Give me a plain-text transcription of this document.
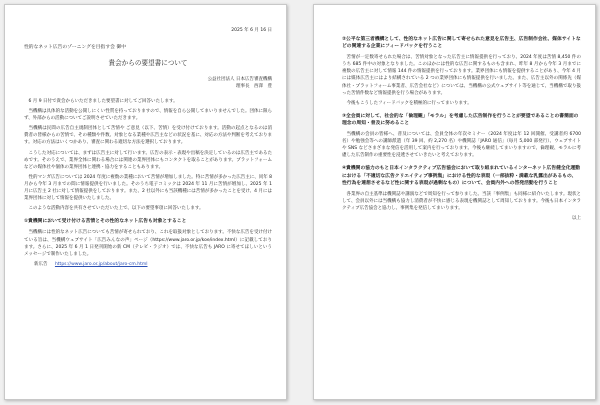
2025 年 6 月 16 日
性的なネット広告のゾーニングを目指す会 御中
貴会からの要望書について
公益社団法人 日本広告審査機構
理事長　西澤　豊

6 月 9 日付で貴会からいただきました要望書に対してご回答いたします。

当機構は具体的な活動を公開しにくい性質を持っておりますので、情報を自ら公開してまいりませんでした。団体に限らず、外部からの活動についてご説明させていただきます。

当機構は民間の広告自主規制団体として苦情や ご意見（以下、苦情）を受け付けております。活動の起点となるのは消費者の皆様からの苦情で、その種類や件数、対象となる業種や広告主などの状況を基に、対応の方法や判断を考えております。対応の方法はいくつかあり、審査に関わる適切な方法を選択しております。

こうした対応については、まずは広告主に対して行います。広告の表示・表現や出稿を決定しているのは広告主であるためです。そのうえで、業界全体に関わる場合には関連の業界団体にもコンタクトを取ることがあります。プラットフォームなどの媒体社や個体の業界団体と連携・協力をすることもあります。

性的マンガ広告については 2024 年度に複数の業種において苦情が増加しました。特に苦情が多かった広告主に、同年 8 月から今年 3 月までの間に情報提供を行いました。そのうち電子コミックは 2024 年 11 月に苦情が増加し、2025 年 1 月に広告主 2 社に対して情報提供をしております。また、2 社以外にも当該機種には苦情が多かったことを受け、4 月には業界団体に対して情報を提供いたしました。

このような活動内容を共有させていただいた上で、以下の要望事項に回答いたします。

①貴機関において受け付ける苦情とその性的なネット広告も対象とすること

当機構には性的なネット広告についても苦情が寄せられており、これを取扱対象としております。不快な広告を受け付けている旨は、当機構ウェブサイト「広告みんなの声」ページ（https://www.jaro.or.jp/koe/index.html）に記載しております。さらに、2025 年 6 月 1 日発刊開始の新 CM（テレビ・ラジオ）では、不快な広告も JARO に寄せてほしいというメッセージで制作いたしました。

新広告 https://www.jaro.or.jp/about/jaro-cm.html
②公平な第三者機構として、性的なネット広告に関して寄せられた意見を広告主、広告制作会社、媒体サイトなどの関連する企業にフィードバックを行うこと

苦情が一定数寄せられた場合は、苦情対象となった広告主に情報提供を行っており、2024 年度は苦情 8,450 件のうち 685 件中の対象となりました。このほかには性的な広告に関するものも含まれ、昨年 8 月から今年 3 月までに複数の広告主に対して情報 144 件の情報提供を行っております。業界団体にも情報を提供することがあり、今年 4 月には媒体広告主にはより結構されている 2 つの業界団体にも情報提供を行いました。また、広告主以外の関係先（媒体社・プラットフォーム事業者、広告会社など）については、当機構の公式ウェブサイト等を通じて、当機構で取り扱った苦情件数など情報提供を行う場合があります。

今後もこうしたフィードバックを積極的に行ってまいります。

③全会員に対して、社会的な「倫理観」「モラル」を考慮した広告制作を行うことが要望であることの書簡面の理念の周知・普及に努めること

当機構の会員の皆様へ、普及については、会員全体の年次セミナー（2024 年度は年 12 回開催、受講者約 6700 名）や勉強会等への講師派遣（年 39 回、約 2,270 名）や機関誌「JARO 通信」（毎月 5,000 部発行）、ウェブサイトや SNS などさまざまな発信を活用して案内を行っております。今後も継続してまいりますので、倫理観、モラルに考慮した広告制作の重要性を浸透させていきたいと考えております。

④貴機関の協力のもと日本インタラクティブ広告協会において取り組まれているインターネット広告健全化運動における「不適切な広告クリエイティブ事例集」における性的な表現（一部抜粋・満載な乳露出があるもの、性行為を連想させるなど性に関する表現が過剰なもの）について、会員内外への啓発活動を行うこと

各業界の自主基準は機関誌や講演などで周知を行って参りました。当該「事例集」も同様に紹介いたします。現状として、会員以外には当機構も協力し消費者が不快に感じる表現を機関誌として周知しております。今後も日本インタラクティブ広告協会と協力し、事例集を発信してまいります。

以上
